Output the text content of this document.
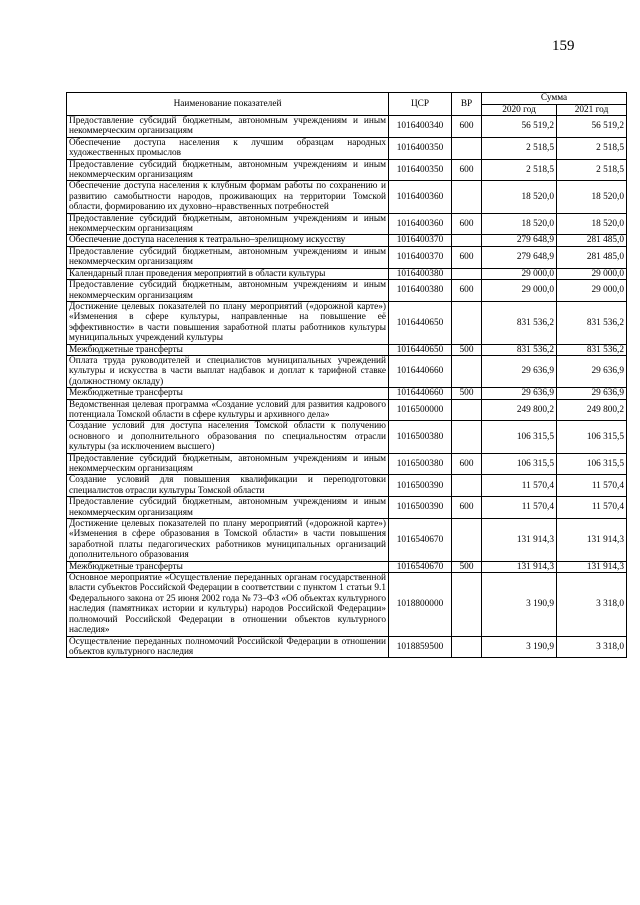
159
Наименование показателей	ЦСР	ВР	Сумма	
			2020 год	2021 год
Предоставление субсидий бюджетным, автономным учреждениям и иным некоммерческим организациям	1016400340	600	56 519,2	56 519,2
Обеспечение доступа населения к лучшим образцам народных художественных промыслов	1016400350		2 518,5	2 518,5
Предоставление субсидий бюджетным, автономным учреждениям и иным некоммерческим организациям	1016400350	600	2 518,5	2 518,5
Обеспечение доступа населения к клубным формам работы по сохранению и развитию самобытности народов, проживающих на территории Томской области, формированию их духовно–нравственных потребностей	1016400360		18 520,0	18 520,0
Предоставление субсидий бюджетным, автономным учреждениям и иным некоммерческим организациям	1016400360	600	18 520,0	18 520,0
Обеспечение доступа населения к театрально–зрелищному искусству	1016400370		279 648,9	281 485,0
Предоставление субсидий бюджетным, автономным учреждениям и иным некоммерческим организациям	1016400370	600	279 648,9	281 485,0
Календарный план проведения мероприятий в области культуры	1016400380		29 000,0	29 000,0
Предоставление субсидий бюджетным, автономным учреждениям и иным некоммерческим организациям	1016400380	600	29 000,0	29 000,0
Достижение целевых показателей по плану мероприятий («дорожной карте») «Изменения в сфере культуры, направленные на повышение её эффективности» в части повышения заработной платы работников культуры муниципальных учреждений культуры	1016440650		831 536,2	831 536,2
Межбюджетные трансферты	1016440650	500	831 536,2	831 536,2
Оплата труда руководителей и специалистов муниципальных учреждений культуры и искусства в части выплат надбавок и доплат к тарифной ставке (должностному окладу)	1016440660		29 636,9	29 636,9
Межбюджетные трансферты	1016440660	500	29 636,9	29 636,9
Ведомственная целевая программа «Создание условий для развития кадрового потенциала Томской области в сфере культуры и архивного дела»	1016500000		249 800,2	249 800,2
Создание условий для доступа населения Томской области к получению основного и дополнительного образования по специальностям отрасли культуры (за исключением высшего)	1016500380		106 315,5	106 315,5
Предоставление субсидий бюджетным, автономным учреждениям и иным некоммерческим организациям	1016500380	600	106 315,5	106 315,5
Создание условий для повышения квалификации и переподготовки специалистов отрасли культуры Томской области	1016500390		11 570,4	11 570,4
Предоставление субсидий бюджетным, автономным учреждениям и иным некоммерческим организациям	1016500390	600	11 570,4	11 570,4
Достижение целевых показателей по плану мероприятий («дорожной карте») «Изменения в сфере образования в Томской области» в части повышения заработной платы педагогических работников муниципальных организаций дополнительного образования	1016540670		131 914,3	131 914,3
Межбюджетные трансферты	1016540670	500	131 914,3	131 914,3
Основное мероприятие «Осуществление переданных органам государственной власти субъектов Российской Федерации в соответствии с пунктом 1 статьи 9.1 Федерального закона от 25 июня 2002 года № 73–ФЗ «Об объектах культурного наследия (памятниках истории и культуры) народов Российской Федерации» полномочий Российской Федерации в отношении объектов культурного наследия»	1018800000		3 190,9	3 318,0
Осуществление переданных полномочий Российской Федерации в отношении объектов культурного наследия	1018859500		3 190,9	3 318,0
